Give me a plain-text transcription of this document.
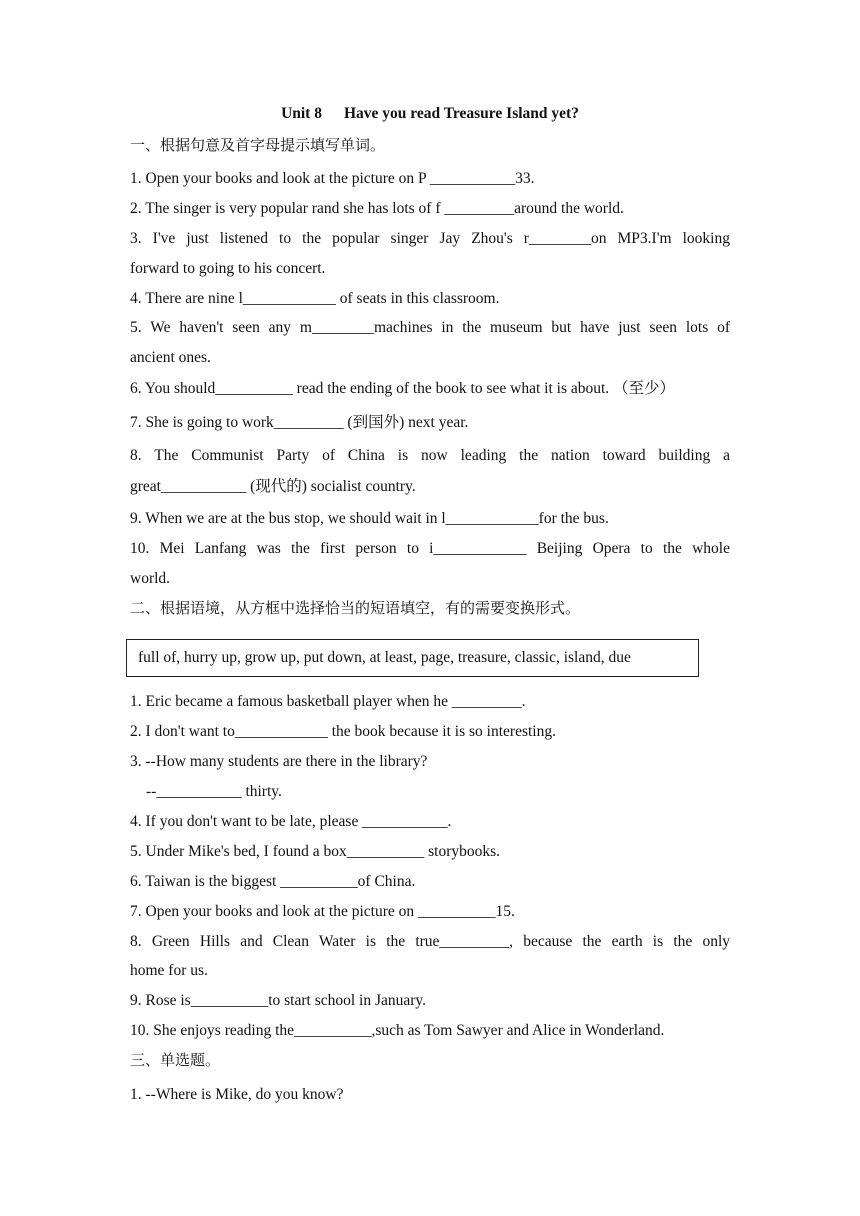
Unit 8 Have you read Treasure Island yet?
一、根据句意及首字母提示填写单词。
1. Open your books and look at the picture on P ___________33.
2. The singer is very popular rand she has lots of f _________around the world.
3. I've just listened to the popular singer Jay Zhou's r________on MP3.I'm looking
forward to going to his concert.
4. There are nine l____________ of seats in this classroom.
5. We haven't seen any m________machines in the museum but have just seen lots of
ancient ones.
6. You should__________ read the ending of the book to see what it is about. （至少）
7. She is going to work_________ (到国外) next year.
8. The Communist Party of China is now leading the nation toward building a
great___________ (现代的) socialist country.
9. When we are at the bus stop, we should wait in l____________for the bus.
10. Mei Lanfang was the first person to i____________ Beijing Opera to the whole
world.
二、根据语境，从方框中选择恰当的短语填空，有的需要变换形式。
full of, hurry up, grow up, put down, at least, page, treasure, classic, island, due
1. Eric became a famous basketball player when he _________.
2. I don't want to____________ the book because it is so interesting.
3. --How many students are there in the library?
--___________ thirty.
4. If you don't want to be late, please ___________.
5. Under Mike's bed, I found a box__________ storybooks.
6. Taiwan is the biggest __________of China.
7. Open your books and look at the picture on __________15.
8. Green Hills and Clean Water is the true_________, because the earth is the only
home for us.
9. Rose is__________to start school in January.
10. She enjoys reading the__________,such as Tom Sawyer and Alice in Wonderland.
三、单选题。
1. --Where is Mike, do you know?
